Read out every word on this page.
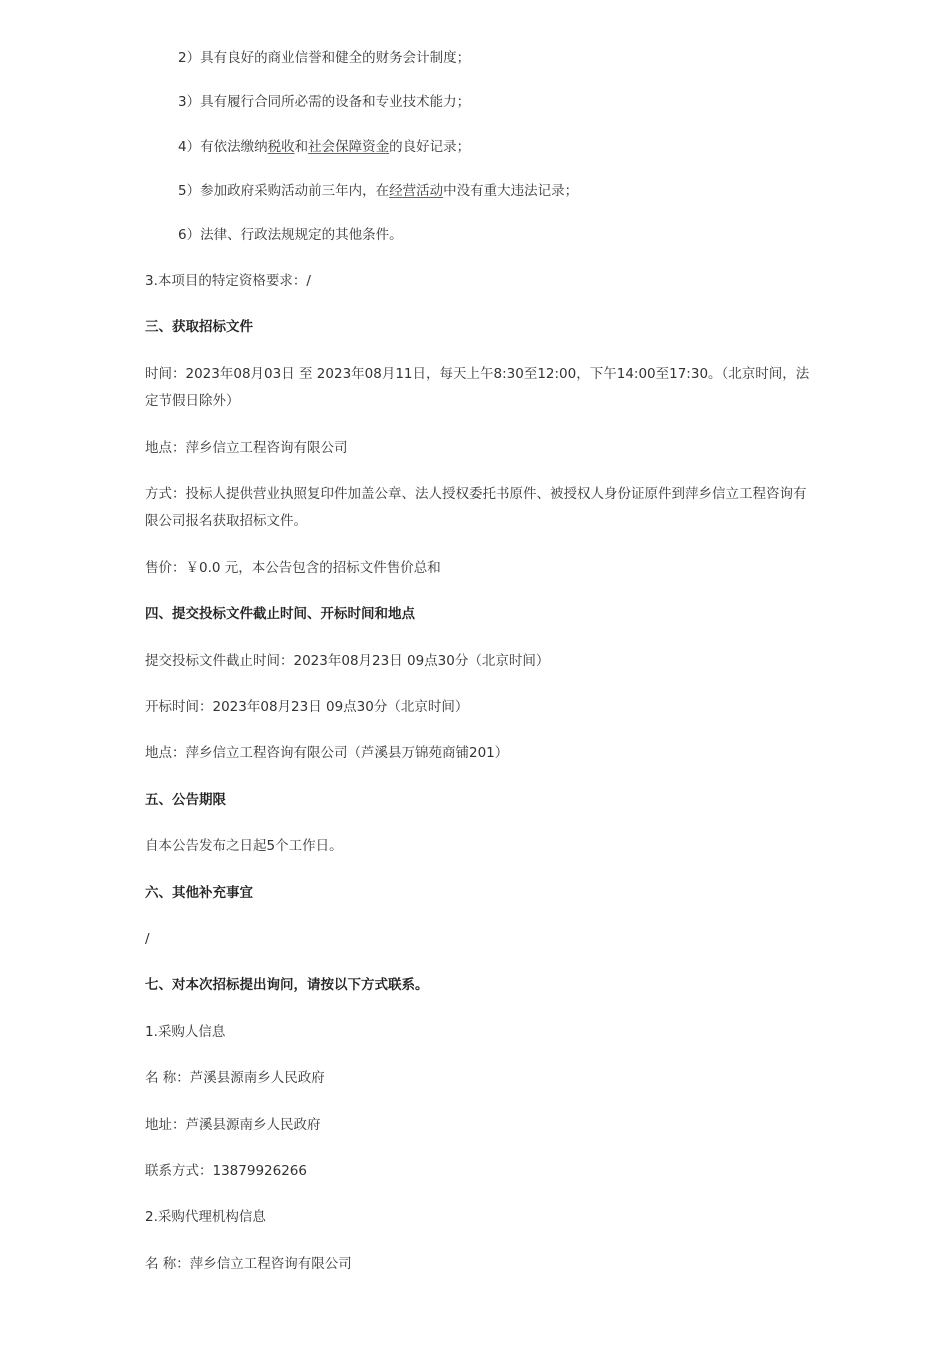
2）具有良好的商业信誉和健全的财务会计制度；

3）具有履行合同所必需的设备和专业技术能力；

4）有依法缴纳税收和社会保障资金的良好记录；

5）参加政府采购活动前三年内，在经营活动中没有重大违法记录；

6）法律、行政法规规定的其他条件。

3.本项目的特定资格要求：/

三、获取招标文件

时间：2023年08月03日 至 2023年08月11日，每天上午8:30至12:00，下午14:00至17:30。（北京时间，法定节假日除外）

地点：萍乡信立工程咨询有限公司

方式：投标人提供营业执照复印件加盖公章、法人授权委托书原件、被授权人身份证原件到萍乡信立工程咨询有限公司报名获取招标文件。

售价：￥0.0 元，本公告包含的招标文件售价总和

四、提交投标文件截止时间、开标时间和地点

提交投标文件截止时间：2023年08月23日 09点30分（北京时间）

开标时间：2023年08月23日 09点30分（北京时间）

地点：萍乡信立工程咨询有限公司（芦溪县万锦苑商铺201）

五、公告期限

自本公告发布之日起5个工作日。

六、其他补充事宜

/

七、对本次招标提出询问，请按以下方式联系。

1.采购人信息

名 称：芦溪县源南乡人民政府

地址：芦溪县源南乡人民政府

联系方式：13879926266

2.采购代理机构信息

名 称：萍乡信立工程咨询有限公司
